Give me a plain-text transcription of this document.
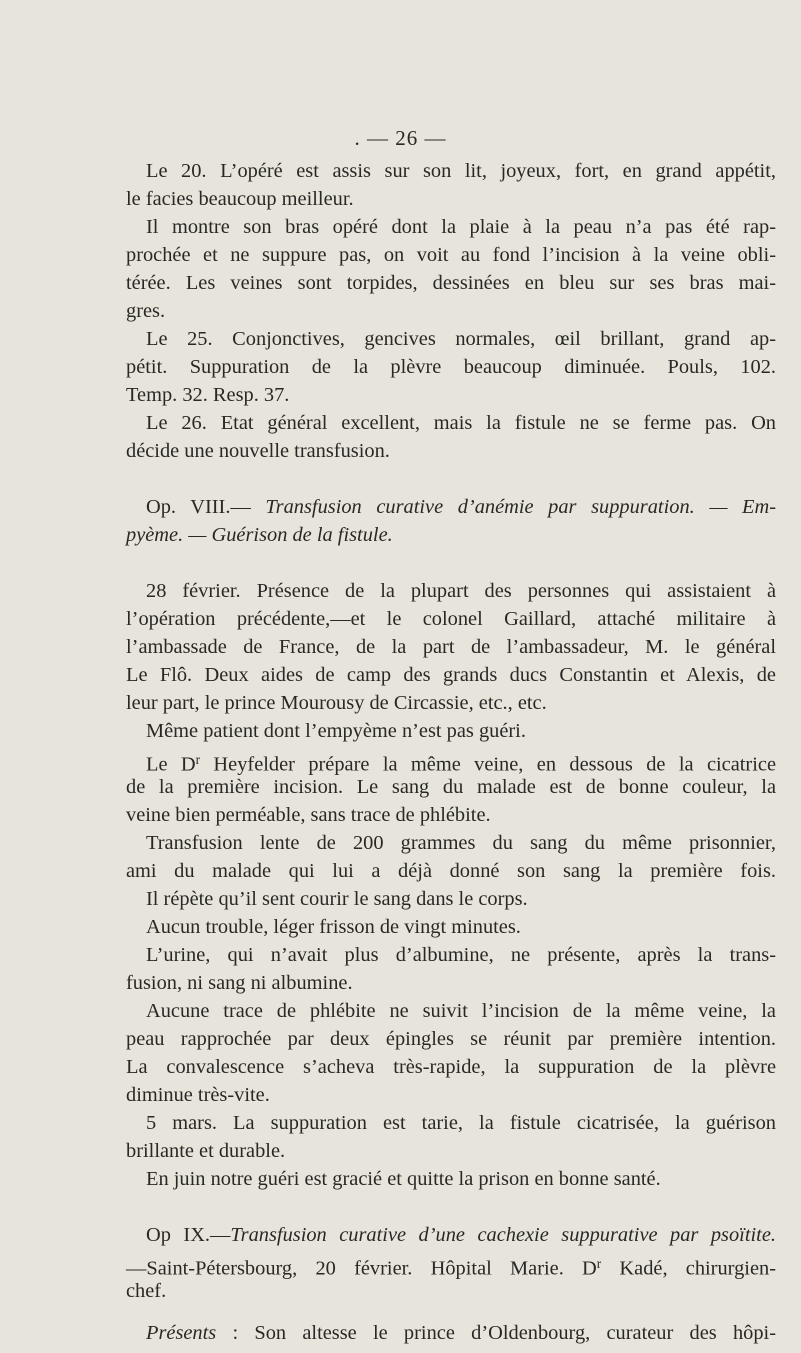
. — 26 —
Le 20. L’opéré est assis sur son lit, joyeux, fort, en grand appétit,
le facies beaucoup meilleur.
Il montre son bras opéré dont la plaie à la peau n’a pas été rap-
prochée et ne suppure pas, on voit au fond l’incision à la veine obli-
térée. Les veines sont torpides, dessinées en bleu sur ses bras mai-
gres.
Le 25. Conjonctives, gencives normales, œil brillant, grand ap-
pétit. Suppuration de la plèvre beaucoup diminuée. Pouls, 102.
Temp. 32. Resp. 37.
Le 26. Etat général excellent, mais la fistule ne se ferme pas. On
décide une nouvelle transfusion.
Op. VIII.— Transfusion curative d’anémie par suppuration. — Em-
pyème. — Guérison de la fistule.
28 février. Présence de la plupart des personnes qui assistaient à
l’opération précédente,—et le colonel Gaillard, attaché militaire à
l’ambassade de France, de la part de l’ambassadeur, M. le général
Le Flô. Deux aides de camp des grands ducs Constantin et Alexis, de
leur part, le prince Mourousy de Circassie, etc., etc.
Même patient dont l’empyème n’est pas guéri.
Le $D^r$ Heyfelder prépare la même veine, en dessous de la cicatrice
de la première incision. Le sang du malade est de bonne couleur, la
veine bien perméable, sans trace de phlébite.
Transfusion lente de 200 grammes du sang du même prisonnier,
ami du malade qui lui a déjà donné son sang la première fois.
Il répète qu’il sent courir le sang dans le corps.
Aucun trouble, léger frisson de vingt minutes.
L’urine, qui n’avait plus d’albumine, ne présente, après la trans-
fusion, ni sang ni albumine.
Aucune trace de phlébite ne suivit l’incision de la même veine, la
peau rapprochée par deux épingles se réunit par première intention.
La convalescence s’acheva très-rapide, la suppuration de la plèvre
diminue très-vite.
5 mars. La suppuration est tarie, la fistule cicatrisée, la guérison
brillante et durable.
En juin notre guéri est gracié et quitte la prison en bonne santé.
Op IX.—Transfusion curative d’une cachexie suppurative par psoïtite.
—Saint-Pétersbourg, 20 février. Hôpital Marie. $D^r$ Kadé, chirurgien-
chef.
Présents : Son altesse le prince d’Oldenbourg, curateur des hôpi-
